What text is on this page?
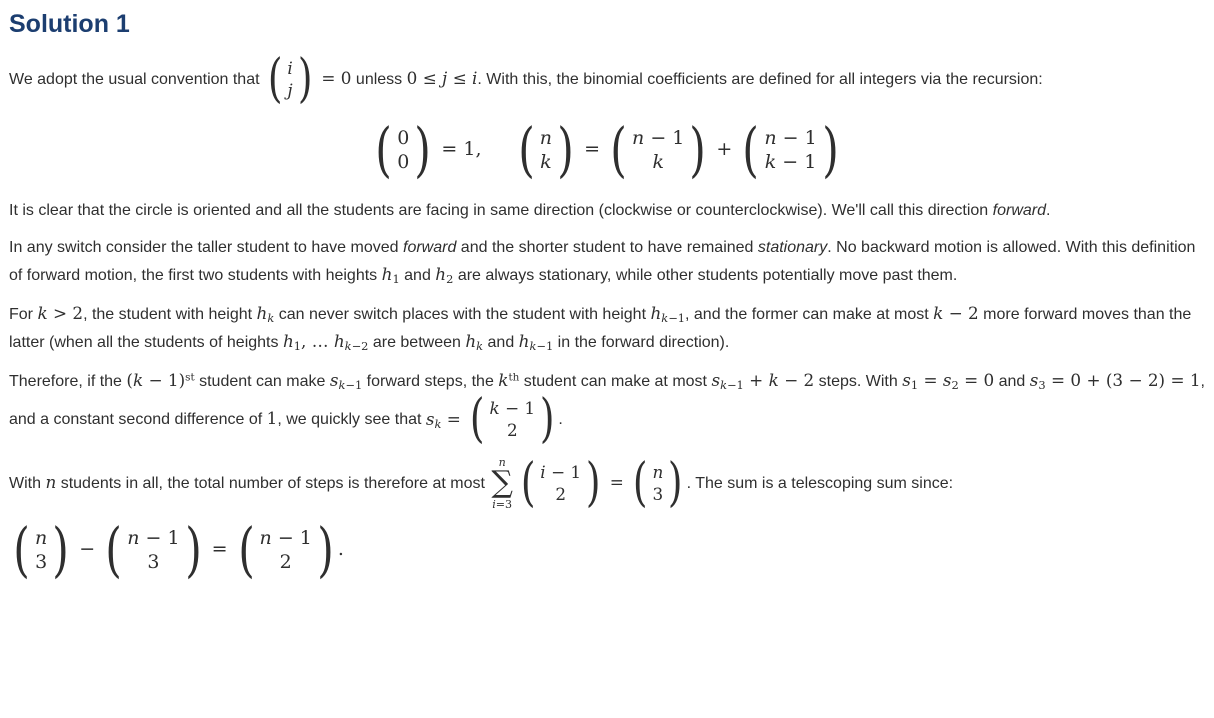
Solution 1

We adopt the usual convention that ( i
j ) = 0 unless 0 ≤ j ≤ i. With this, the binomial coefficients are defined for all integers via the recursion:

( 0
0 ) = 1, ( n
k ) = ( n − 1
k ) + ( n − 1
k − 1 )

It is clear that the circle is oriented and all the students are facing in same direction (clockwise or counterclockwise). We'll call this direction forward.

In any switch consider the taller student to have moved forward and the shorter student to have remained stationary. No backward motion is allowed. With this definition of forward motion, the first two students with heights $h_1$ and $h_2$ are always stationary, while other students potentially move past them.

For k > 2, the student with height $h_k$ can never switch places with the student with height $h_{k-1}$, and the former can make at most k − 2 more forward moves than the latter (when all the students of heights $h_1$, … $h_{k-2}$ are between $h_k$ and $h_{k-1}$ in the forward direction).

Therefore, if the $(k - 1)^{st}$ student can make $s_{k-1}$ forward steps, the $k^{th}$ student can make at most $s_{k-1} + k - 2$ steps. With $s_1 = s_2 = 0$ and $s_3 = 0 + (3 - 2) = 1$, and a constant second difference of 1, we quickly see that $s_k$ = ( k − 1
2 ) .

With n students in all, the total number of steps is therefore at most
n
∑
i=3 ( i − 1
2 ) = ( n
3 ) . The sum is a telescoping sum since:

( n
3 ) − ( n − 1
3 ) = ( n − 1
2 ) .
